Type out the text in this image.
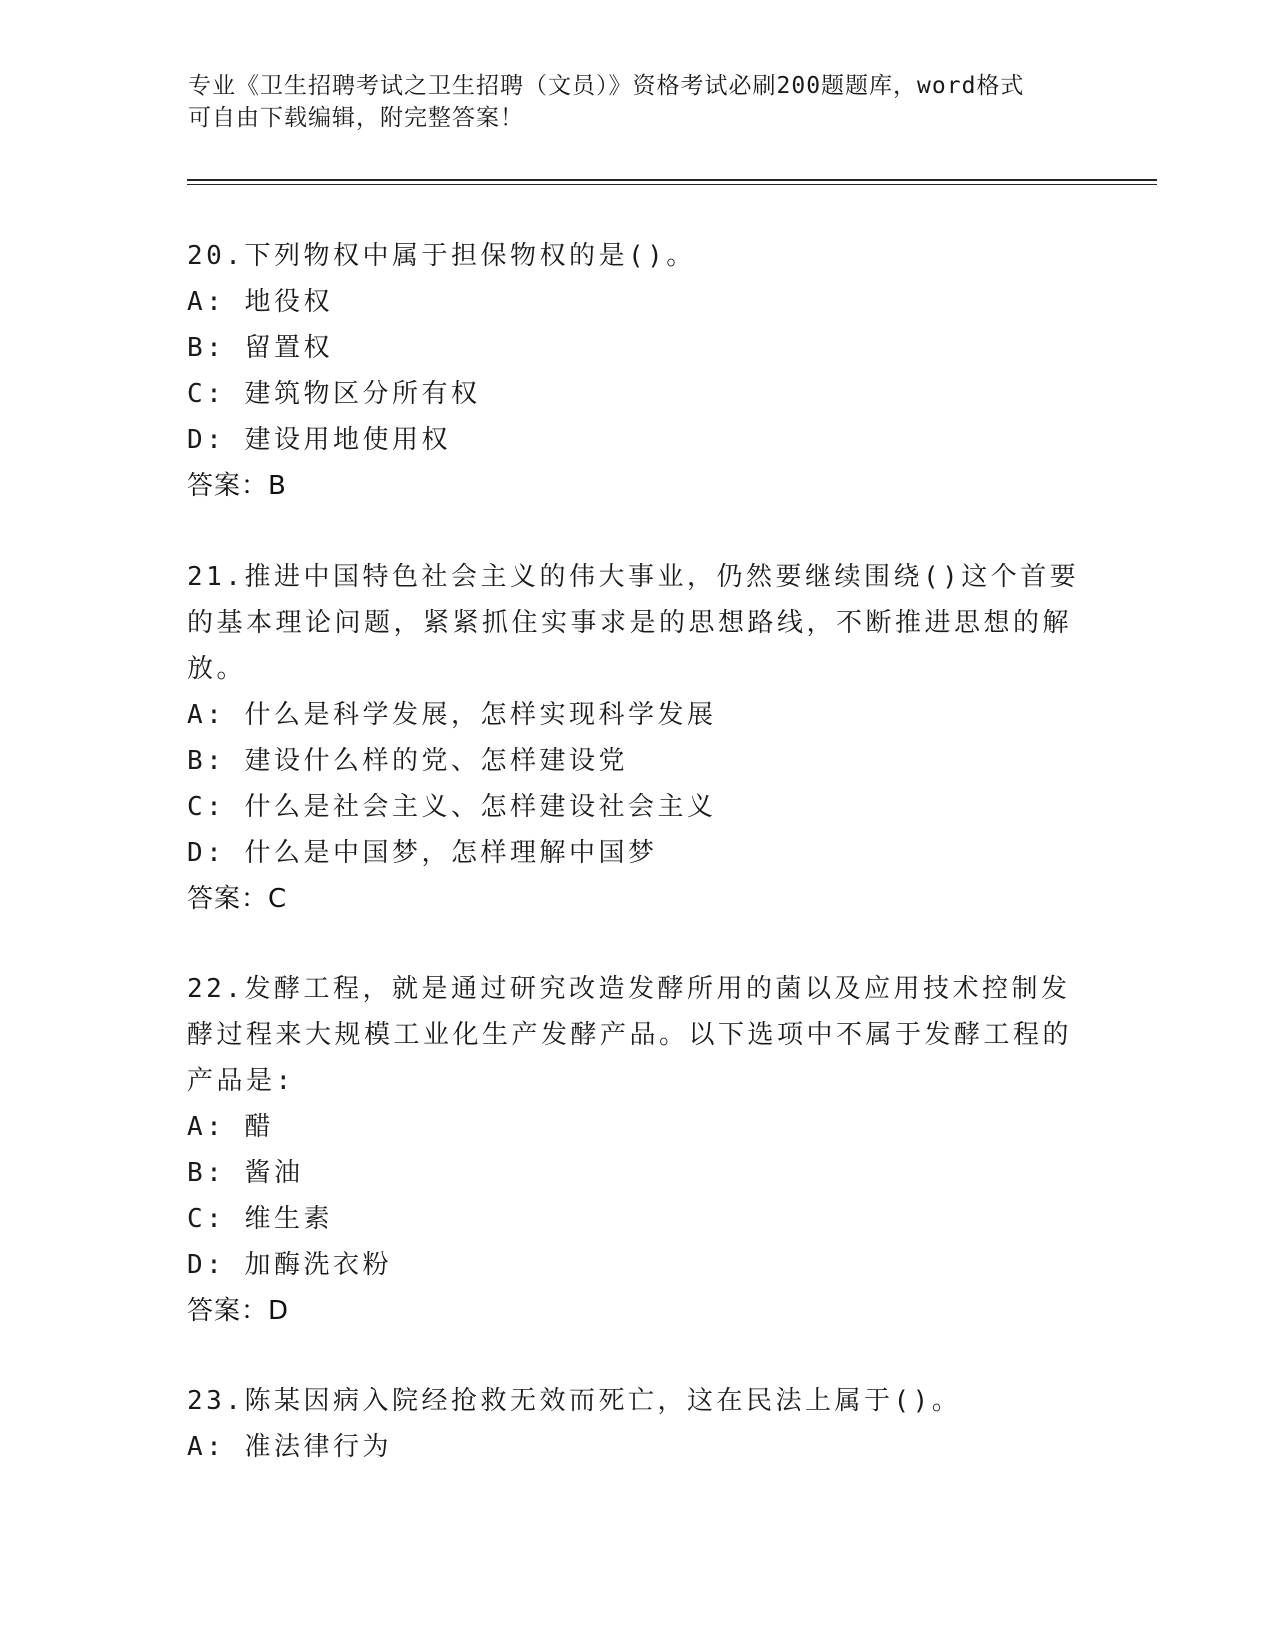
专业《卫生招聘考试之卫生招聘（文员）》资格考试必刷200题题库，word格式
可自由下载编辑，附完整答案！
20.下列物权中属于担保物权的是()。
A: 地役权
B: 留置权
C: 建筑物区分所有权
D: 建设用地使用权
答案：B
21.推进中国特色社会主义的伟大事业，仍然要继续围绕()这个首要的基本理论问题，紧紧抓住实事求是的思想路线，不断推进思想的解放。
A: 什么是科学发展，怎样实现科学发展
B: 建设什么样的党、怎样建设党
C: 什么是社会主义、怎样建设社会主义
D: 什么是中国梦，怎样理解中国梦
答案：C
22.发酵工程，就是通过研究改造发酵所用的菌以及应用技术控制发酵过程来大规模工业化生产发酵产品。以下选项中不属于发酵工程的产品是:
A: 醋
B: 酱油
C: 维生素
D: 加酶洗衣粉
答案：D
23.陈某因病入院经抢救无效而死亡，这在民法上属于()。
A: 准法律行为
